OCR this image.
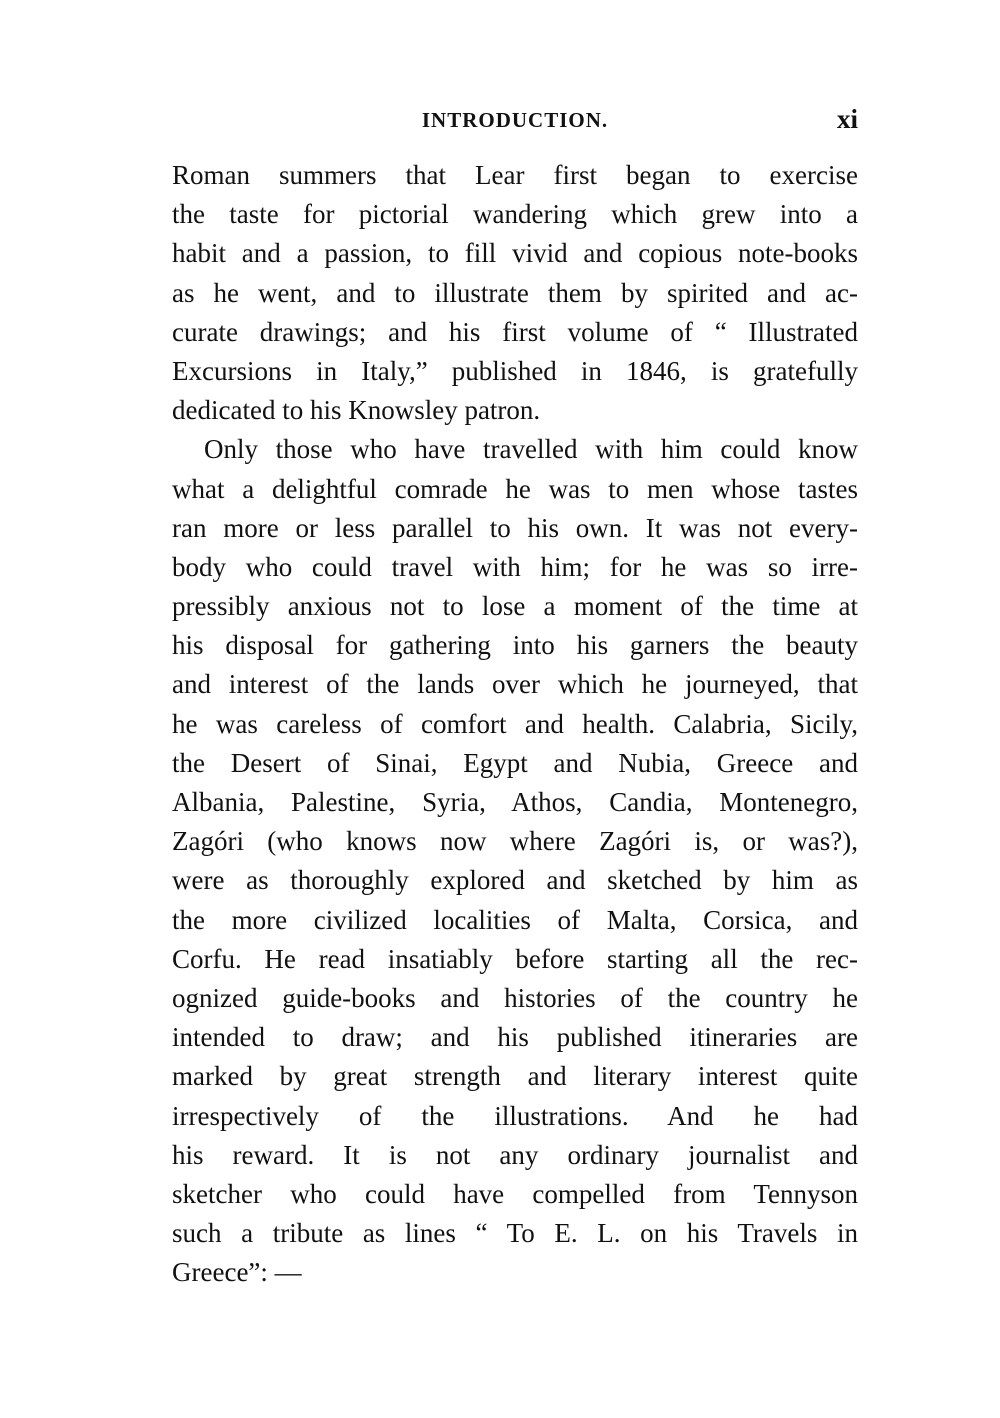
INTRODUCTION.	xi
Roman summers that Lear first began to exercise
the taste for pictorial wandering which grew into a
habit and a passion, to fill vivid and copious note-books
as he went, and to illustrate them by spirited and ac-
curate drawings; and his first volume of “ Illustrated
Excursions in Italy,” published in 1846, is gratefully
dedicated to his Knowsley patron.
Only those who have travelled with him could know
what a delightful comrade he was to men whose tastes
ran more or less parallel to his own. It was not every-
body who could travel with him; for he was so irre-
pressibly anxious not to lose a moment of the time at
his disposal for gathering into his garners the beauty
and interest of the lands over which he journeyed, that
he was careless of comfort and health. Calabria, Sicily,
the Desert of Sinai, Egypt and Nubia, Greece and
Albania, Palestine, Syria, Athos, Candia, Montenegro,
Zagóri (who knows now where Zagóri is, or was?),
were as thoroughly explored and sketched by him as
the more civilized localities of Malta, Corsica, and
Corfu. He read insatiably before starting all the rec-
ognized guide-books and histories of the country he
intended to draw; and his published itineraries are
marked by great strength and literary interest quite
irrespectively of the illustrations. And he had
his reward. It is not any ordinary journalist and
sketcher who could have compelled from Tennyson
such a tribute as lines “ To E. L. on his Travels in
Greece”: —
